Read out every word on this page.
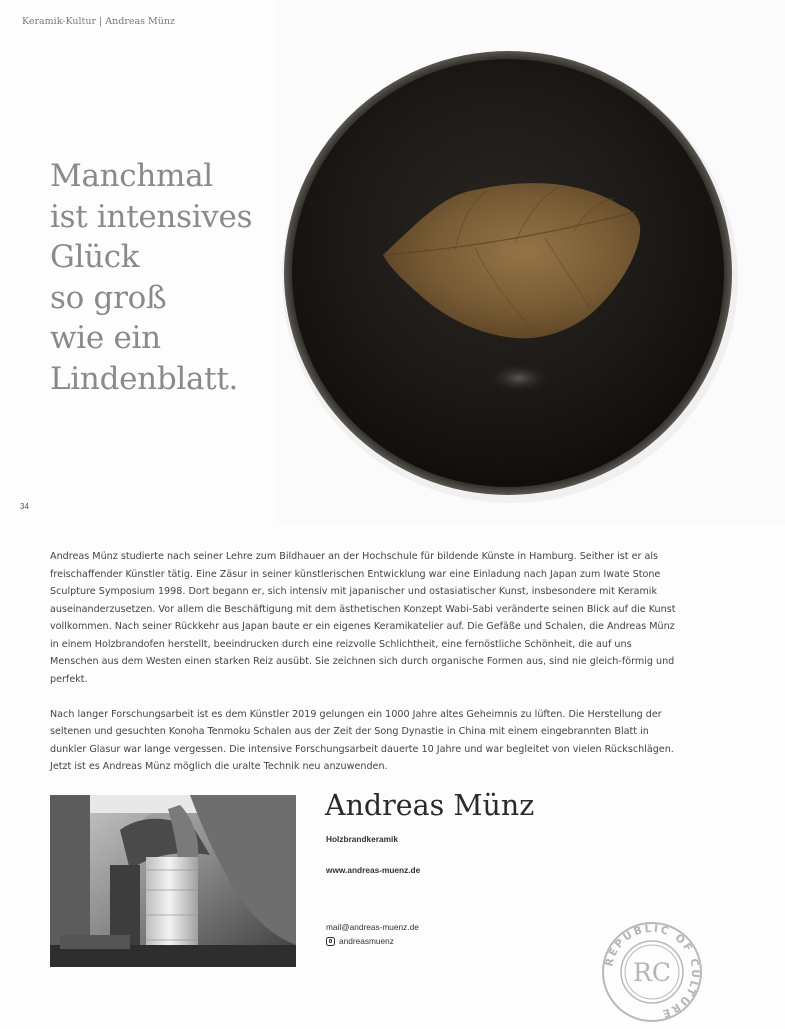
Keramik-Kultur | Andreas Münz
Manchmal
ist intensives
Glück
so groß
wie ein
Lindenblatt.
34

Andreas Münz studierte nach seiner Lehre zum Bildhauer an der Hochschule für bildende Künste in Hamburg. Seither ist er als freischaffender Künstler tätig. Eine Zäsur in seiner künstlerischen Entwicklung war eine Einladung nach Japan zum Iwate Stone Sculpture Symposium 1998. Dort begann er, sich intensiv mit japanischer und ostasiatischer Kunst, insbesondere mit Keramik auseinanderzusetzen. Vor allem die Beschäftigung mit dem ästhetischen Konzept Wabi-Sabi veränderte seinen Blick auf die Kunst vollkommen. Nach seiner Rückkehr aus Japan baute er ein eigenes Keramikatelier auf. Die Gefäße und Schalen, die Andreas Münz in einem Holzbrandofen herstellt, beeindrucken durch eine reizvolle Schlichtheit, eine fernöstliche Schönheit, die auf uns Menschen aus dem Westen einen starken Reiz ausübt. Sie zeichnen sich durch organische Formen aus, sind nie gleich-förmig und perfekt.

Nach langer Forschungsarbeit ist es dem Künstler 2019 gelungen ein 1000 Jahre altes Geheimnis zu lüften. Die Herstellung der seltenen und gesuchten Konoha Tenmoku Schalen aus der Zeit der Song Dynastie in China mit einem eingebrannten Blatt in dunkler Glasur war lange vergessen. Die intensive Forschungsarbeit dauerte 10 Jahre und war begleitet von vielen Rückschlägen. Jetzt ist es Andreas Münz möglich die uralte Technik neu anzuwenden.

Andreas Münz
Holzbrandkeramik
www.andreas-muenz.de
mail@andreas-muenz.de
andreasmuenz
REPUBLIC OF CULTURE
RC
